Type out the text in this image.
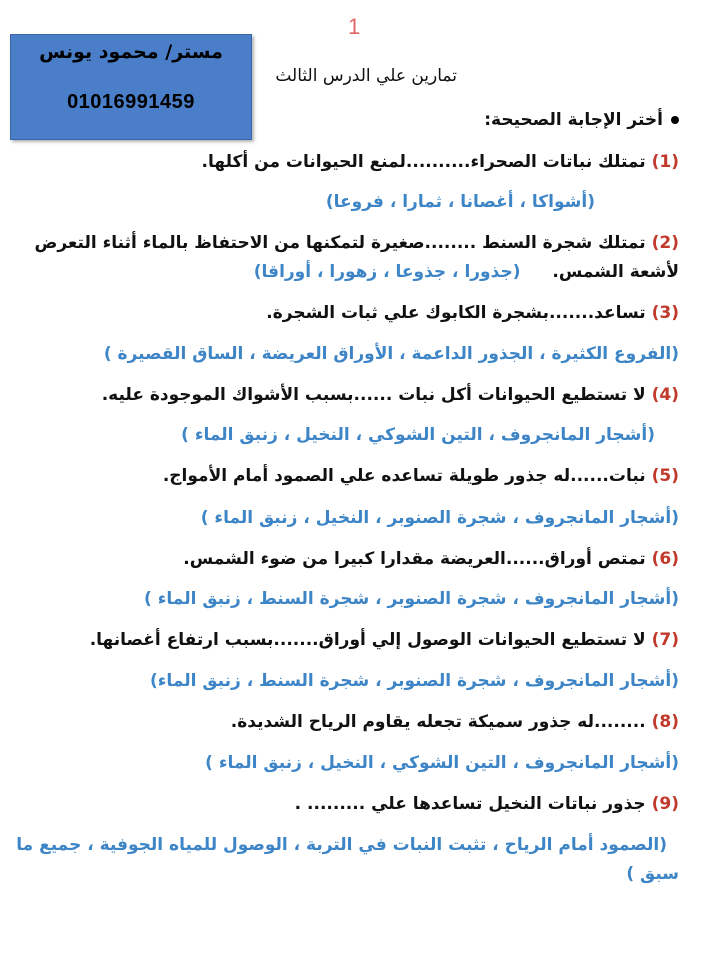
1
مستر/ محمود يونس
01016991459
تمارين علي الدرس الثالث
أختر الإجابة الصحيحة:
(1) تمتلك نباتات الصحراء..........لمنع الحيوانات من أكلها.
(أشواكا ، أغصانا ، ثمارا ، فروعا)
(2) تمتلك شجرة السنط ........صغيرة لتمكنها من الاحتفاظ بالماء أثناء التعرض
لأشعة الشمس. (جذورا ، جذوعا ، زهورا ، أوراقا)
(3) تساعد.......بشجرة الكابوك علي ثبات الشجرة.
(الفروع الكثيرة ، الجذور الداعمة ، الأوراق العريضة ، الساق القصيرة )
(4) لا تستطيع الحيوانات أكل نبات ......بسبب الأشواك الموجودة عليه.
(أشجار المانجروف ، التين الشوكي ، النخيل ، زنبق الماء )
(5) نبات......له جذور طويلة تساعده علي الصمود أمام الأمواج.
(أشجار المانجروف ، شجرة الصنوبر ، النخيل ، زنبق الماء )
(6) تمتص أوراق......العريضة مقدارا كبيرا من ضوء الشمس.
(أشجار المانجروف ، شجرة الصنوبر ، شجرة السنط ، زنبق الماء )
(7) لا تستطيع الحيوانات الوصول إلي أوراق.......بسبب ارتفاع أغصانها.
(أشجار المانجروف ، شجرة الصنوبر ، شجرة السنط ، زنبق الماء)
(8) ........له جذور سميكة تجعله يقاوم الرياح الشديدة.
(أشجار المانجروف ، التين الشوكي ، النخيل ، زنبق الماء )
(9) جذور نباتات النخيل تساعدها علي ......... .
(الصمود أمام الرياح ، تثبت النبات في التربة ، الوصول للمياه الجوفية ، جميع ما
سبق )
